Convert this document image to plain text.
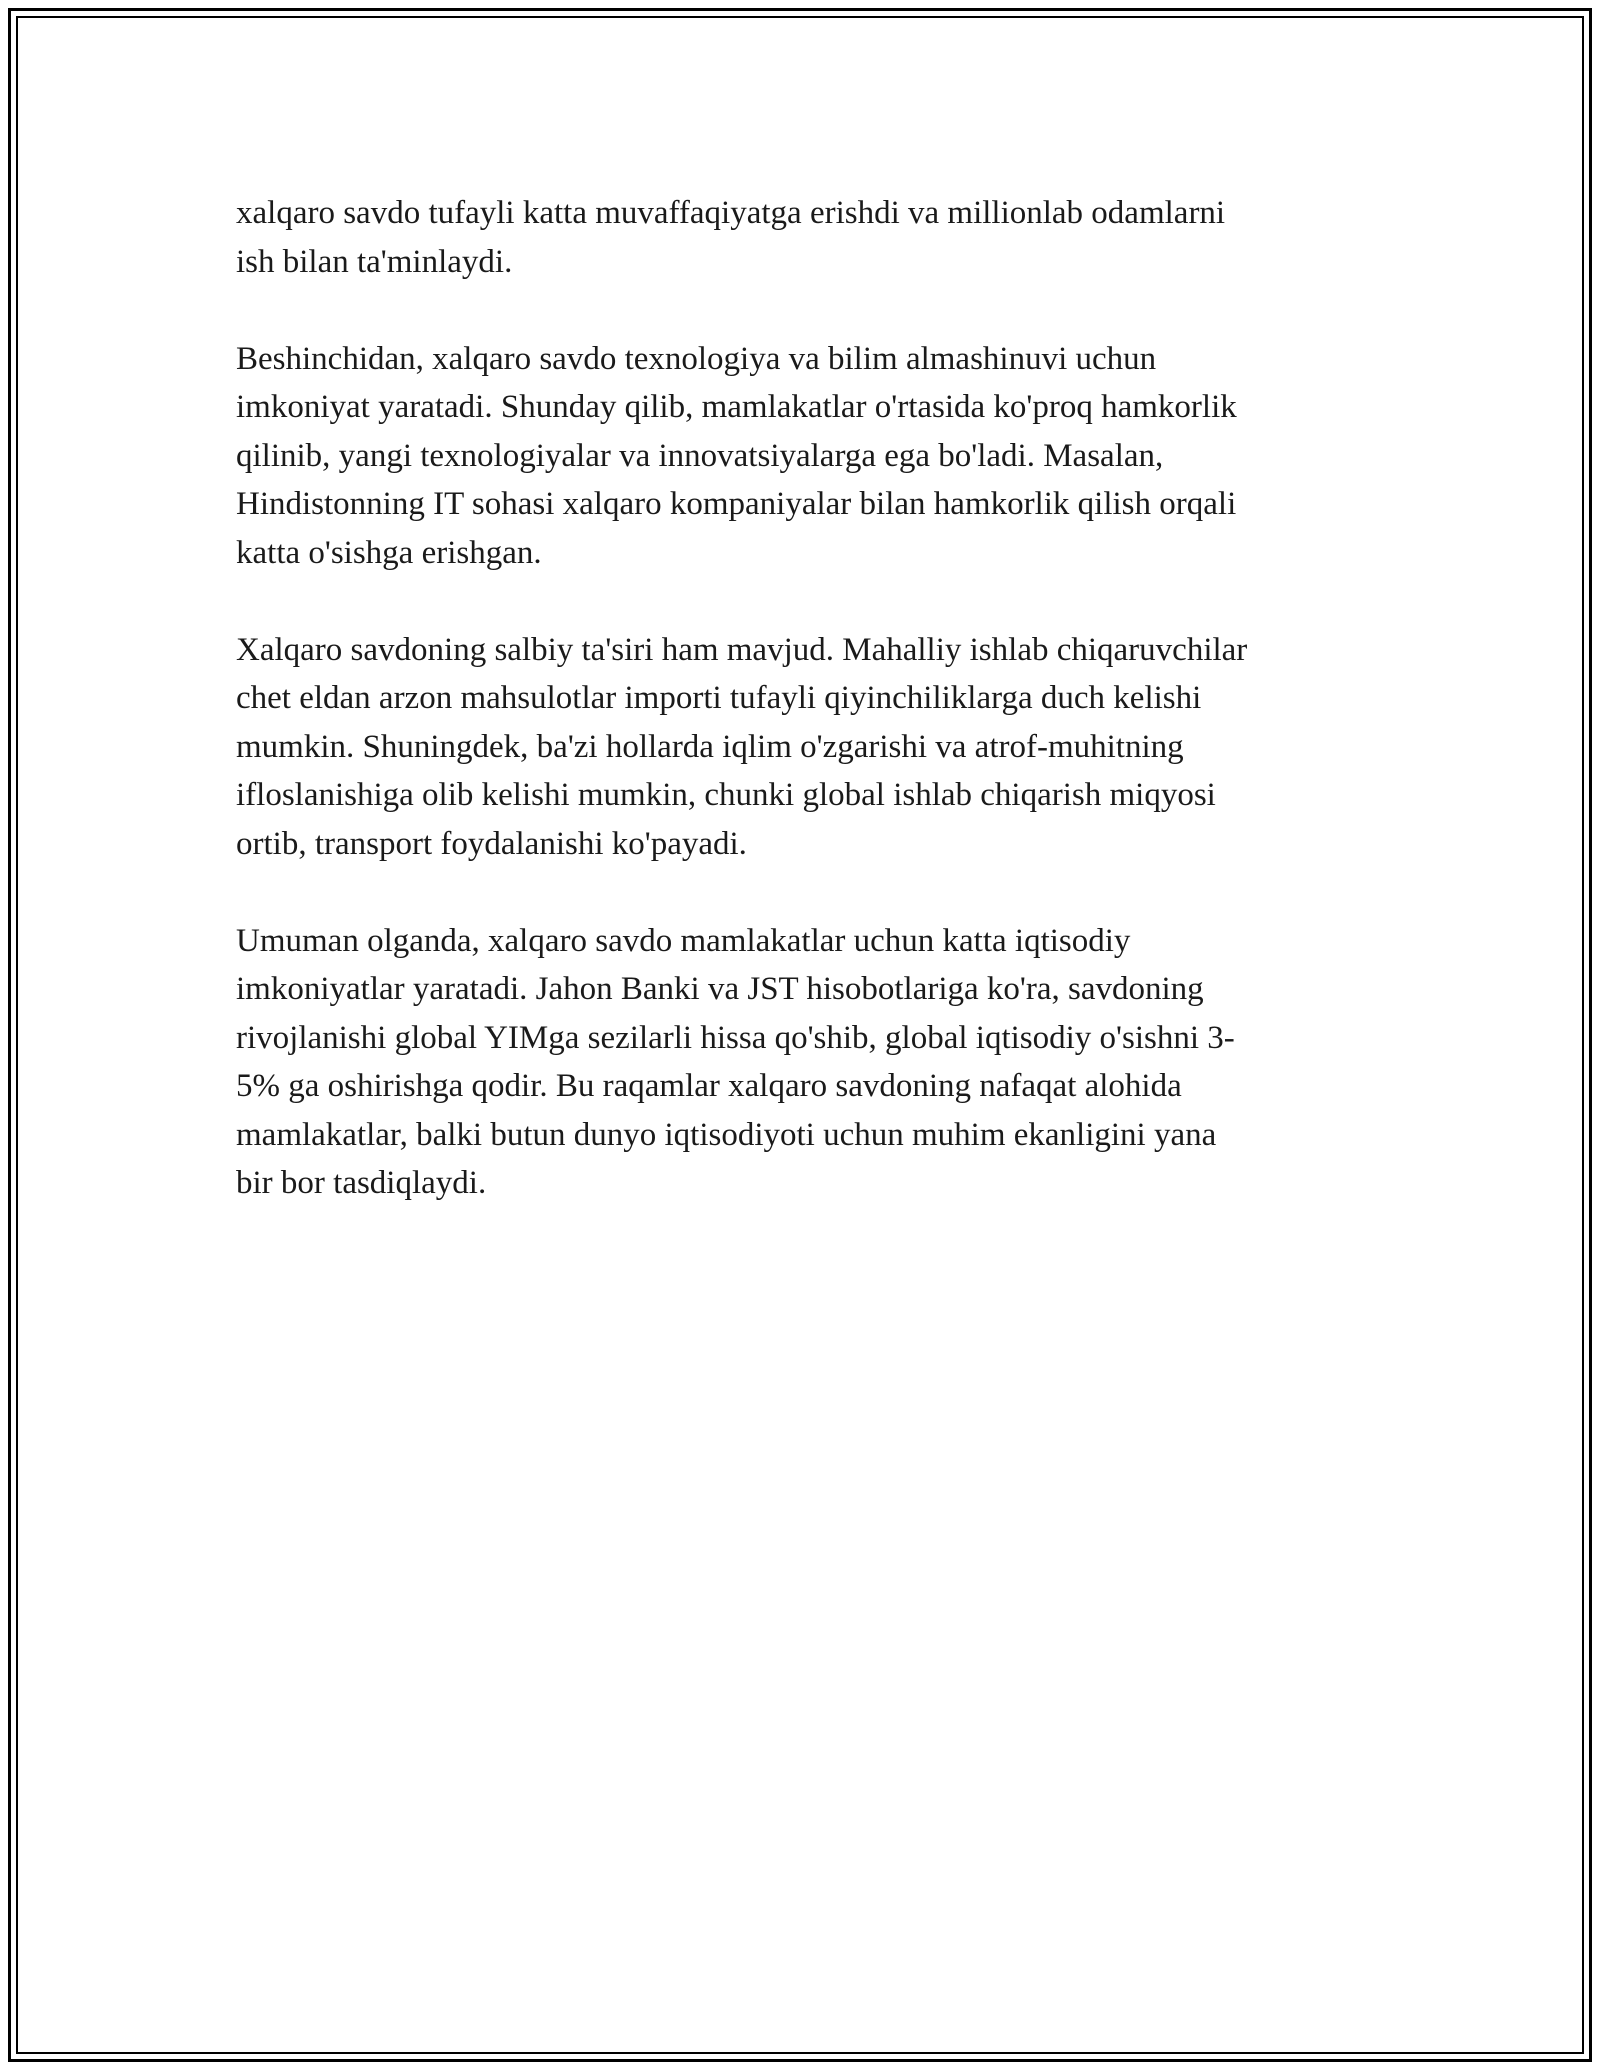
xalqaro savdo tufayli katta muvaffaqiyatga erishdi va millionlab odamlarni
ish bilan ta'minlaydi.

Beshinchidan, xalqaro savdo texnologiya va bilim almashinuvi uchun
imkoniyat yaratadi. Shunday qilib, mamlakatlar o'rtasida ko'proq hamkorlik
qilinib, yangi texnologiyalar va innovatsiyalarga ega bo'ladi. Masalan,
Hindistonning IT sohasi xalqaro kompaniyalar bilan hamkorlik qilish orqali
katta o'sishga erishgan.

Xalqaro savdoning salbiy ta'siri ham mavjud. Mahalliy ishlab chiqaruvchilar
chet eldan arzon mahsulotlar importi tufayli qiyinchiliklarga duch kelishi
mumkin. Shuningdek, ba'zi hollarda iqlim o'zgarishi va atrof-muhitning
ifloslanishiga olib kelishi mumkin, chunki global ishlab chiqarish miqyosi
ortib, transport foydalanishi ko'payadi.

Umuman olganda, xalqaro savdo mamlakatlar uchun katta iqtisodiy
imkoniyatlar yaratadi. Jahon Banki va JST hisobotlariga ko'ra, savdoning
rivojlanishi global YIMga sezilarli hissa qo'shib, global iqtisodiy o'sishni 3-
5% ga oshirishga qodir. Bu raqamlar xalqaro savdoning nafaqat alohida
mamlakatlar, balki butun dunyo iqtisodiyoti uchun muhim ekanligini yana
bir bor tasdiqlaydi.
